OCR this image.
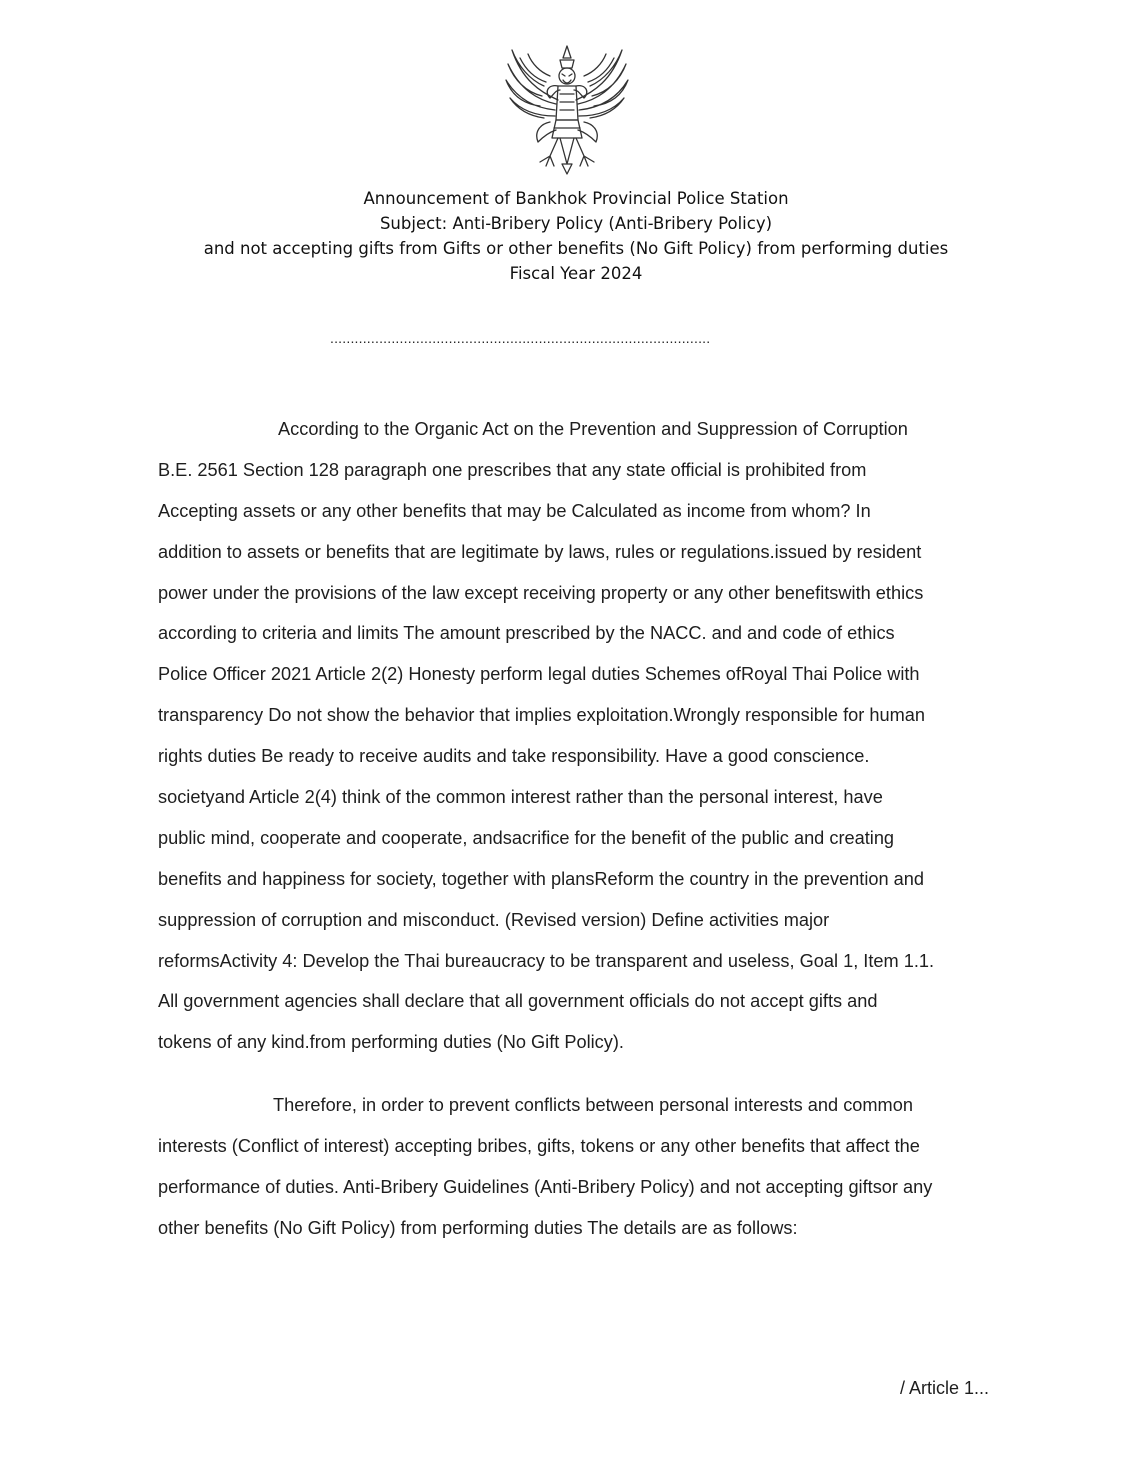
Announcement of Bankhok Provincial Police Station
Subject: Anti-Bribery Policy (Anti-Bribery Policy)
and not accepting gifts from Gifts or other benefits (No Gift Policy) from performing duties
Fiscal Year 2024
.............................................................................................
According to the Organic Act on the Prevention and Suppression of Corruption
B.E. 2561 Section 128 paragraph one prescribes that any state official is prohibited from
Accepting assets or any other benefits that may be Calculated as income from whom? In
addition to assets or benefits that are legitimate by laws, rules or regulations.issued by resident
power under the provisions of the law except receiving property or any other benefitswith ethics
according to criteria and limits The amount prescribed by the NACC. and and code of ethics
Police Officer 2021 Article 2(2) Honesty perform legal duties Schemes ofRoyal Thai Police with
transparency Do not show the behavior that implies exploitation.Wrongly responsible for human
rights duties Be ready to receive audits and take responsibility. Have a good conscience.
societyand Article 2(4) think of the common interest rather than the personal interest, have
public mind, cooperate and cooperate, andsacrifice for the benefit of the public and creating
benefits and happiness for society, together with plansReform the country in the prevention and
suppression of corruption and misconduct. (Revised version) Define activities major
reformsActivity 4: Develop the Thai bureaucracy to be transparent and useless, Goal 1, Item 1.1.
All government agencies shall declare that all government officials do not accept gifts and
tokens of any kind.from performing duties (No Gift Policy).
Therefore, in order to prevent conflicts between personal interests and common
interests (Conflict of interest) accepting bribes, gifts, tokens or any other benefits that affect the
performance of duties. Anti-Bribery Guidelines (Anti-Bribery Policy) and not accepting giftsor any
other benefits (No Gift Policy) from performing duties The details are as follows:
/ Article 1...
